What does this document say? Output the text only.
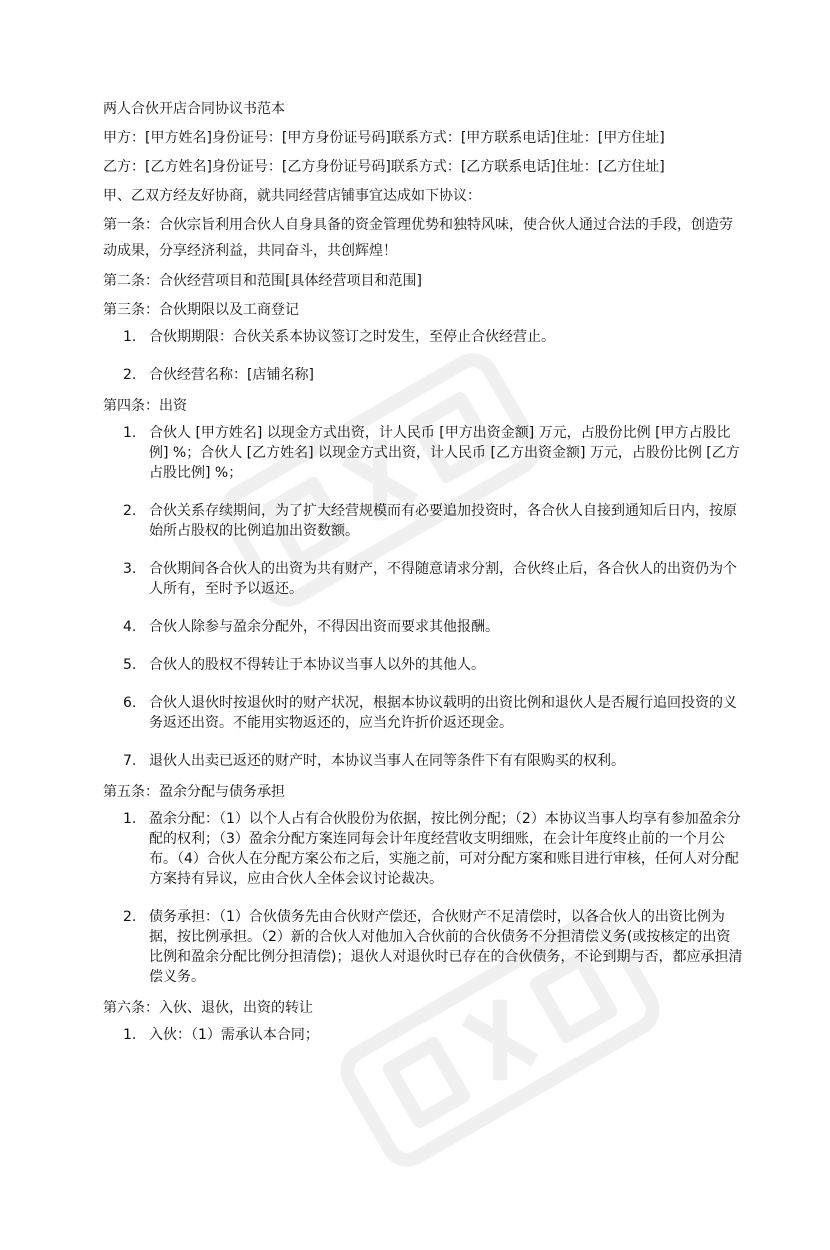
两人合伙开店合同协议书范本
甲方：[甲方姓名]身份证号：[甲方身份证号码]联系方式：[甲方联系电话]住址：[甲方住址]
乙方：[乙方姓名]身份证号：[乙方身份证号码]联系方式：[乙方联系电话]住址：[乙方住址]
甲、乙双方经友好协商，就共同经营店铺事宜达成如下协议：
第一条：合伙宗旨利用合伙人自身具备的资金管理优势和独特风味，使合伙人通过合法的手段，创造劳动成果，分享经济利益，共同奋斗，共创辉煌！
第二条：合伙经营项目和范围[具体经营项目和范围]
第三条：合伙期限以及工商登记
1. 合伙期期限：合伙关系本协议签订之时发生，至停止合伙经营止。
2. 合伙经营名称：[店铺名称]
第四条：出资
1. 合伙人 [甲方姓名] 以现金方式出资，计人民币 [甲方出资金额] 万元，占股份比例 [甲方占股比例] %；合伙人 [乙方姓名] 以现金方式出资，计人民币 [乙方出资金额] 万元，占股份比例 [乙方占股比例] %；
2. 合伙关系存续期间，为了扩大经营规模而有必要追加投资时，各合伙人自接到通知后日内，按原始所占股权的比例追加出资数额。
3. 合伙期间各合伙人的出资为共有财产，不得随意请求分割，合伙终止后，各合伙人的出资仍为个人所有，至时予以返还。
4. 合伙人除参与盈余分配外，不得因出资而要求其他报酬。
5. 合伙人的股权不得转让于本协议当事人以外的其他人。
6. 合伙人退伙时按退伙时的财产状况，根据本协议载明的出资比例和退伙人是否履行追回投资的义务返还出资。不能用实物返还的，应当允许折价返还现金。
7. 退伙人出卖已返还的财产时，本协议当事人在同等条件下有有限购买的权利。
第五条：盈余分配与债务承担
1. 盈余分配：（1）以个人占有合伙股份为依据，按比例分配；（2）本协议当事人均享有参加盈余分配的权利；（3）盈余分配方案连同每会计年度经营收支明细账，在会计年度终止前的一个月公布。（4）合伙人在分配方案公布之后，实施之前，可对分配方案和账目进行审核，任何人对分配方案持有异议，应由合伙人全体会议讨论裁决。
2. 债务承担：（1）合伙债务先由合伙财产偿还，合伙财产不足清偿时，以各合伙人的出资比例为据，按比例承担。（2）新的合伙人对他加入合伙前的合伙债务不分担清偿义务(或按核定的出资比例和盈余分配比例分担清偿)；退伙人对退伙时已存在的合伙债务，不论到期与否，都应承担清偿义务。
第六条：入伙、退伙，出资的转让
1. 入伙：（1）需承认本合同；
